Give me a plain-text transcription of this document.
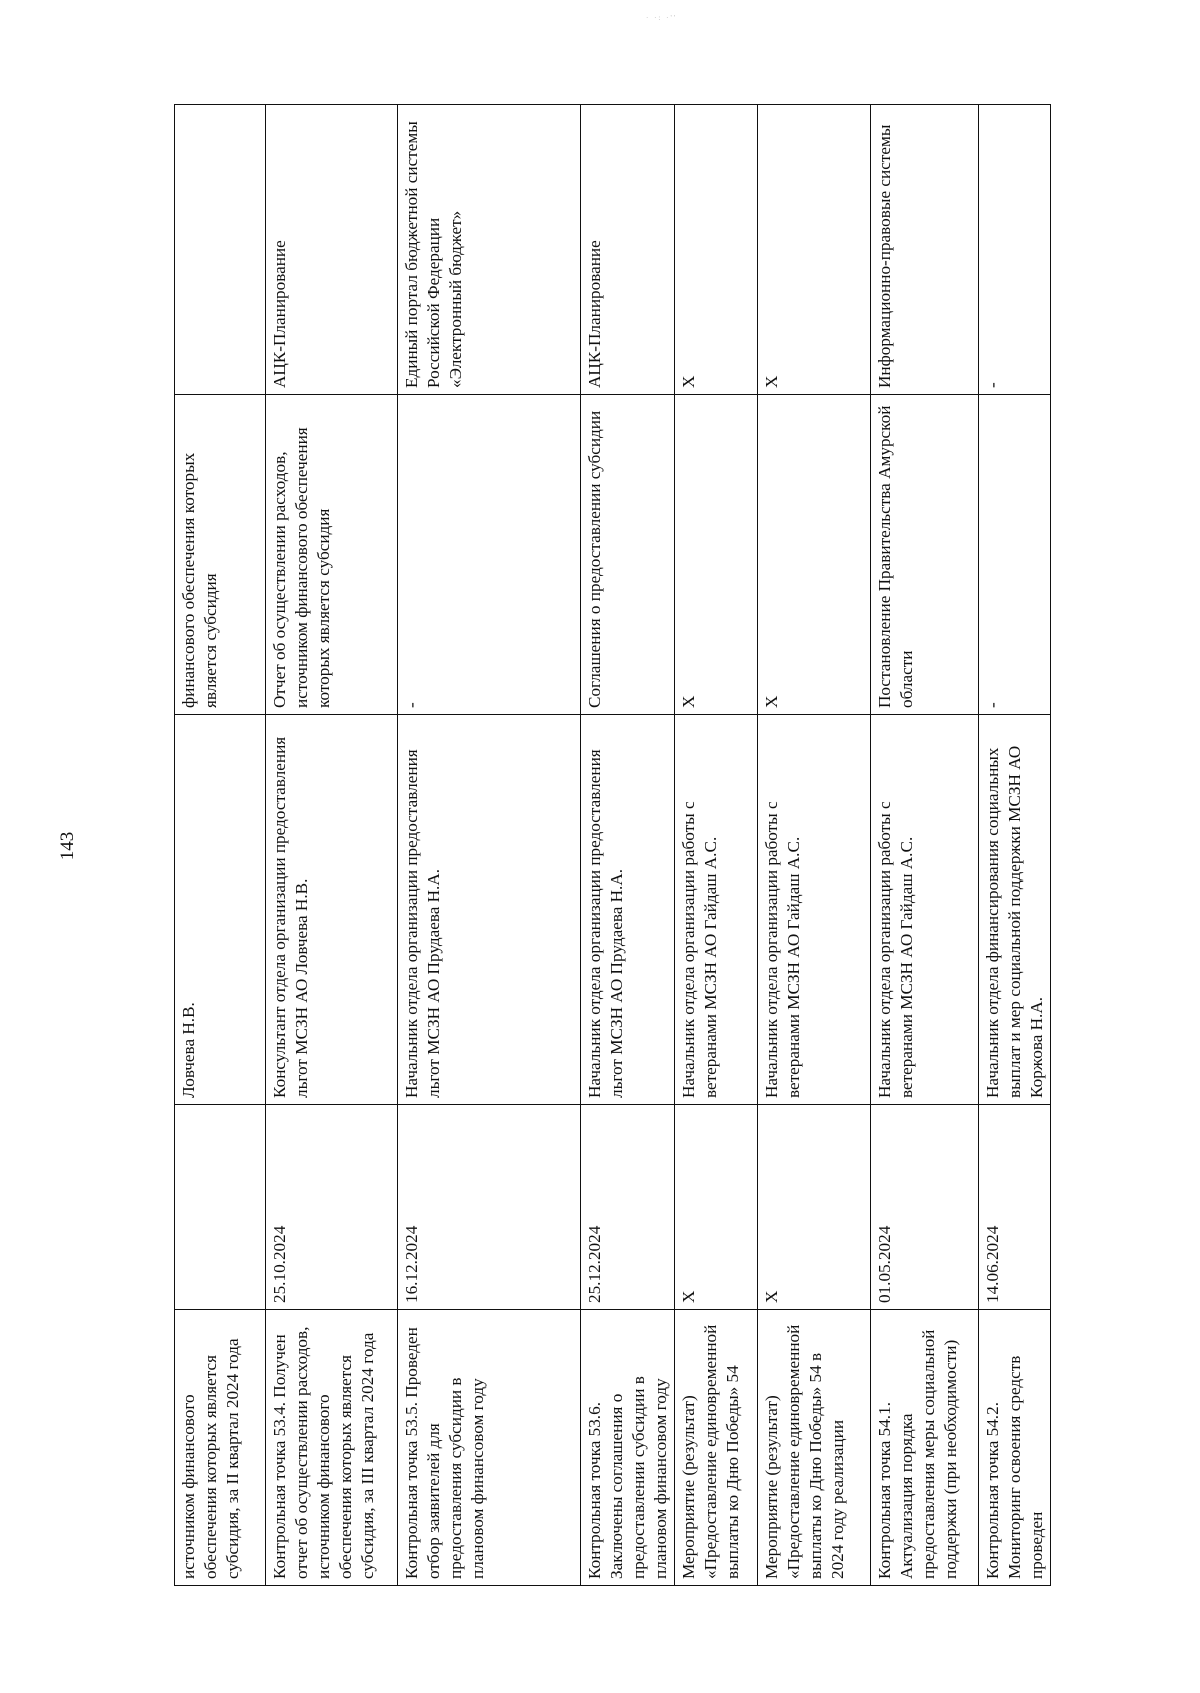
· ·: ·''
143
источником финансового обеспечения которых является субсидия, за II квартал 2024 года		Ловчева Н.В.	финансового обеспечения которых является субсидия	
Контрольная точка 53.4. Получен отчет об осуществлении расходов, источником финансового обеспечения которых является субсидия, за III квартал 2024 года	25.10.2024	Консультант отдела организации предоставления льгот МСЗН АО Ловчева Н.В.	Отчет об осуществлении расходов, источником финансового обеспечения которых является субсидия	АЦК-Планирование
Контрольная точка 53.5. Проведен отбор заявителей для предоставления субсидии в плановом финансовом году	16.12.2024	Начальник отдела организации предоставления льгот МСЗН АО Прудаева Н.А.	-	Единый портал бюджетной системы Российской Федерации «Электронный бюджет»
Контрольная точка 53.6. Заключены соглашения о предоставлении субсидии в плановом финансовом году	25.12.2024	Начальник отдела организации предоставления льгот МСЗН АО Прудаева Н.А.	Соглашения о предоставлении субсидии	АЦК-Планирование
Мероприятие (результат) «Предоставление единовременной выплаты ко Дню Победы» 54	Х	Начальник отдела организации работы с ветеранами МСЗН АО Гайдаш А.С.	Х	Х
Мероприятие (результат) «Предоставление единовременной выплаты ко Дню Победы» 54 в 2024 году реализации	Х	Начальник отдела организации работы с ветеранами МСЗН АО Гайдаш А.С.	Х	Х
Контрольная точка 54.1. Актуализация порядка предоставления меры социальной поддержки (при необходимости)	01.05.2024	Начальник отдела организации работы с ветеранами МСЗН АО Гайдаш А.С.	Постановление Правительства Амурской области	Информационно-правовые системы
Контрольная точка 54.2. Мониторинг освоения средств проведен	14.06.2024	Начальник отдела финансирования социальных выплат и мер социальной поддержки МСЗН АО Коржова Н.А.	-	-
